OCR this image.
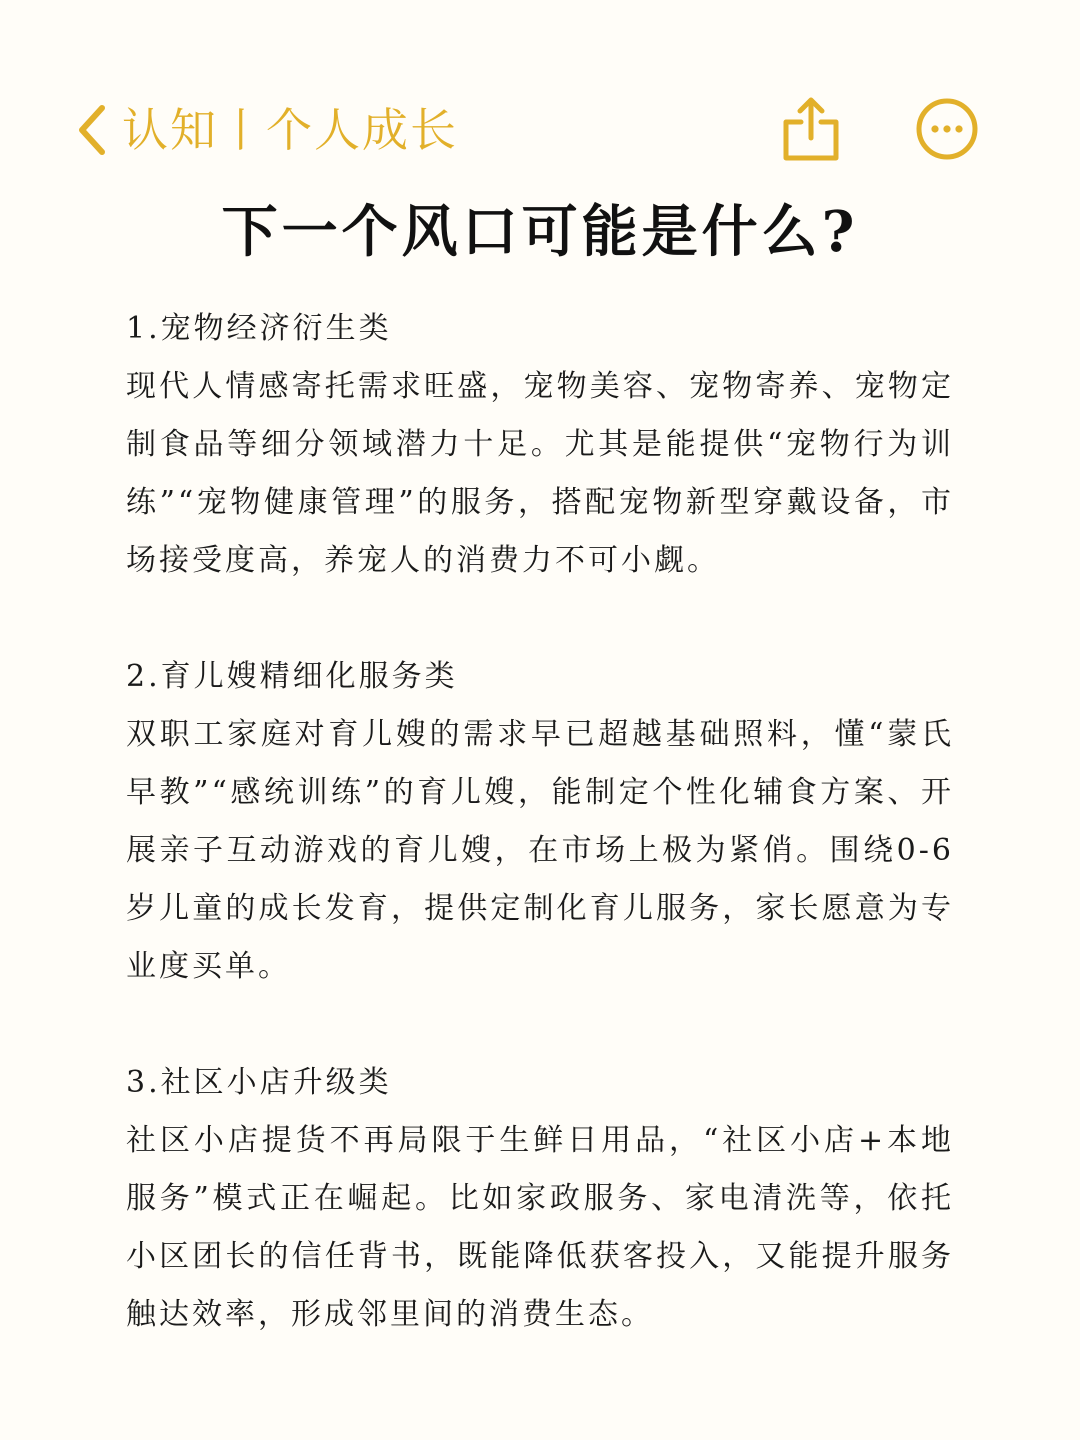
认知丨个人成长
下一个风口可能是什么?

1.宠物经济衍生类

现代人情感寄托需求旺盛，宠物美容、宠物寄养、宠物定制食品等细分领域潜力十足。尤其是能提供“宠物行为训练”“宠物健康管理”的服务，搭配宠物新型穿戴设备，市场接受度高，养宠人的消费力不可小觑。

2.育儿嫂精细化服务类

双职工家庭对育儿嫂的需求早已超越基础照料，懂“蒙氏早教”“感统训练”的育儿嫂，能制定个性化辅食方案、开展亲子互动游戏的育儿嫂，在市场上极为紧俏。围绕0-6岁儿童的成长发育，提供定制化育儿服务，家长愿意为专业度买单。

3.社区小店升级类

社区小店提货不再局限于生鲜日用品，“社区小店+本地服务”模式正在崛起。比如家政服务、家电清洗等，依托小区团长的信任背书，既能降低获客投入，又能提升服务触达效率，形成邻里间的消费生态。
